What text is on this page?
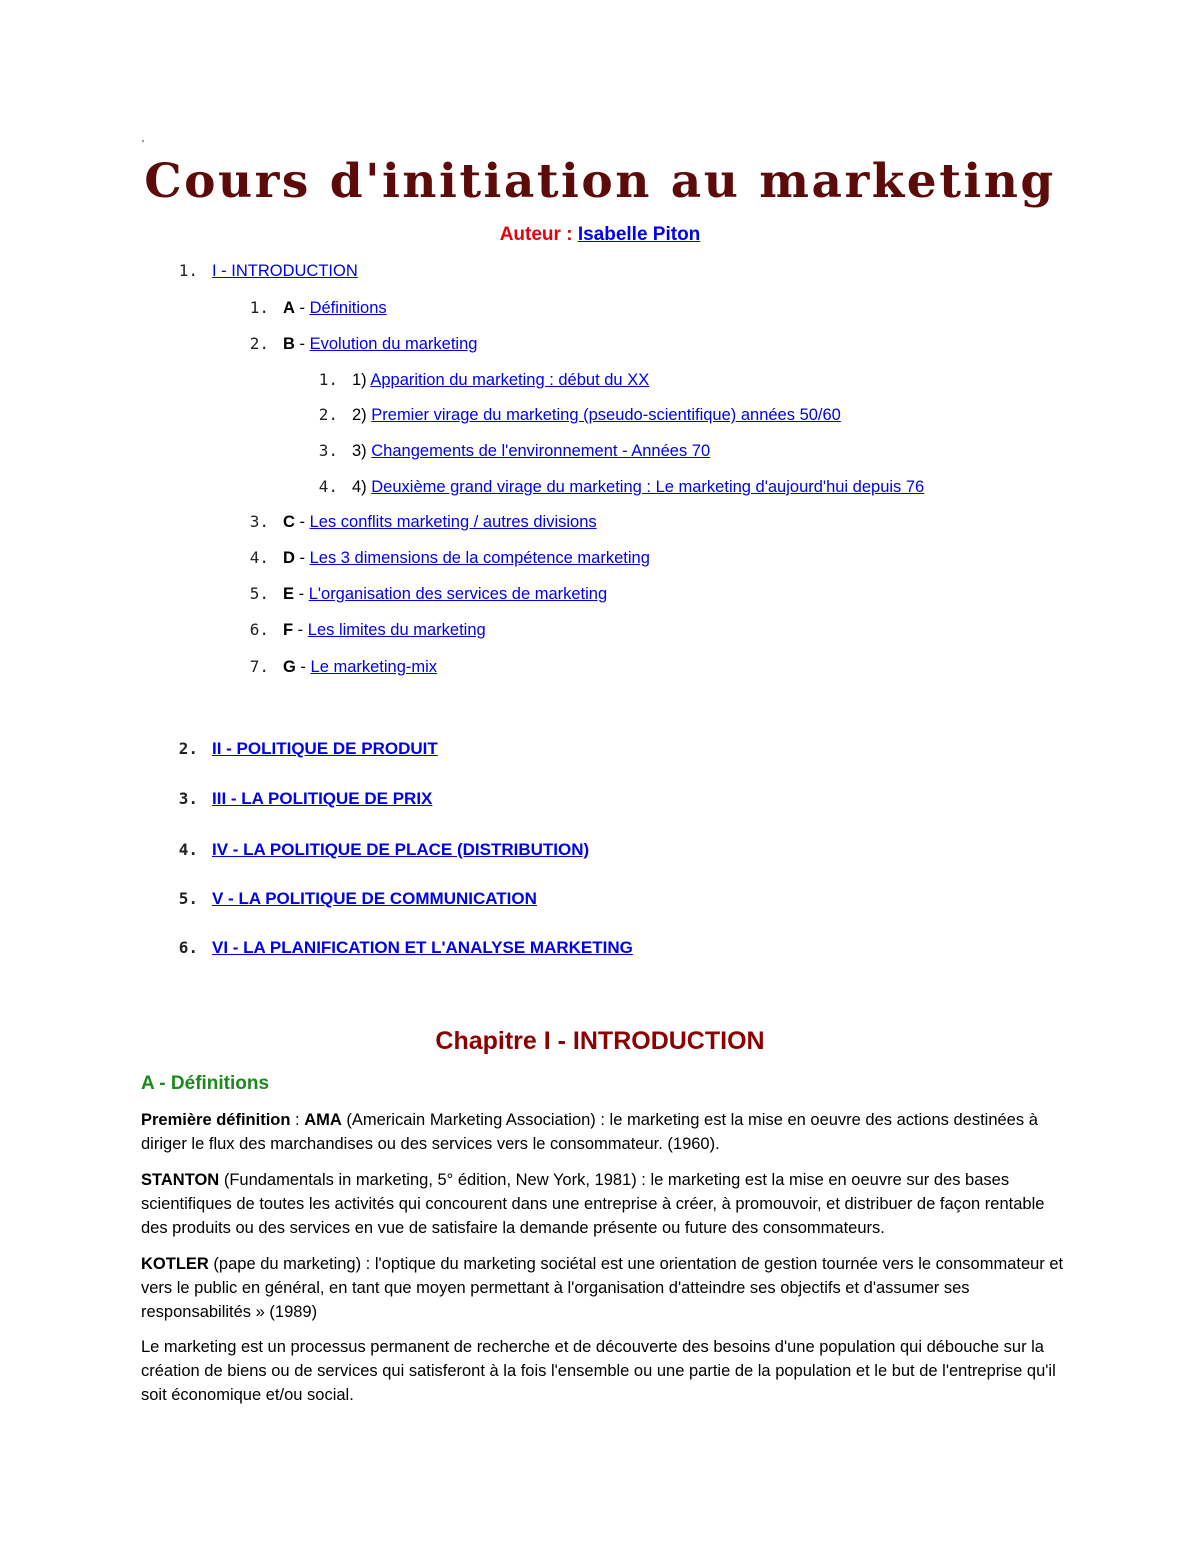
'
Cours d'initiation au marketing
Auteur : Isabelle Piton
1. I - INTRODUCTION
1. A - Définitions
2. B - Evolution du marketing
1. 1) Apparition du marketing : début du XX
2. 2) Premier virage du marketing (pseudo-scientifique) années 50/60
3. 3) Changements de l'environnement - Années 70
4. 4) Deuxième grand virage du marketing : Le marketing d'aujourd'hui depuis 76
3. C - Les conflits marketing / autres divisions
4. D - Les 3 dimensions de la compétence marketing
5. E - L'organisation des services de marketing
6. F - Les limites du marketing
7. G - Le marketing-mix
2. II - POLITIQUE DE PRODUIT
3. III - LA POLITIQUE DE PRIX
4. IV - LA POLITIQUE DE PLACE (DISTRIBUTION)
5. V - LA POLITIQUE DE COMMUNICATION
6. VI - LA PLANIFICATION ET L'ANALYSE MARKETING
Chapitre I - INTRODUCTION
A - Définitions

Première définition : AMA (Americain Marketing Association) : le marketing est la mise en oeuvre des actions destinées à diriger le flux des marchandises ou des services vers le consommateur. (1960).

STANTON (Fundamentals in marketing, 5° édition, New York, 1981) : le marketing est la mise en oeuvre sur des bases scientifiques de toutes les activités qui concourent dans une entreprise à créer, à promouvoir, et distribuer de façon rentable des produits ou des services en vue de satisfaire la demande présente ou future des consommateurs.

KOTLER (pape du marketing) : l'optique du marketing sociétal est une orientation de gestion tournée vers le consommateur et vers le public en général, en tant que moyen permettant à l'organisation d'atteindre ses objectifs et d'assumer ses responsabilités » (1989)

Le marketing est un processus permanent de recherche et de découverte des besoins d'une population qui débouche sur la création de biens ou de services qui satisferont à la fois l'ensemble ou une partie de la population et le but de l'entreprise qu'il soit économique et/ou social.
